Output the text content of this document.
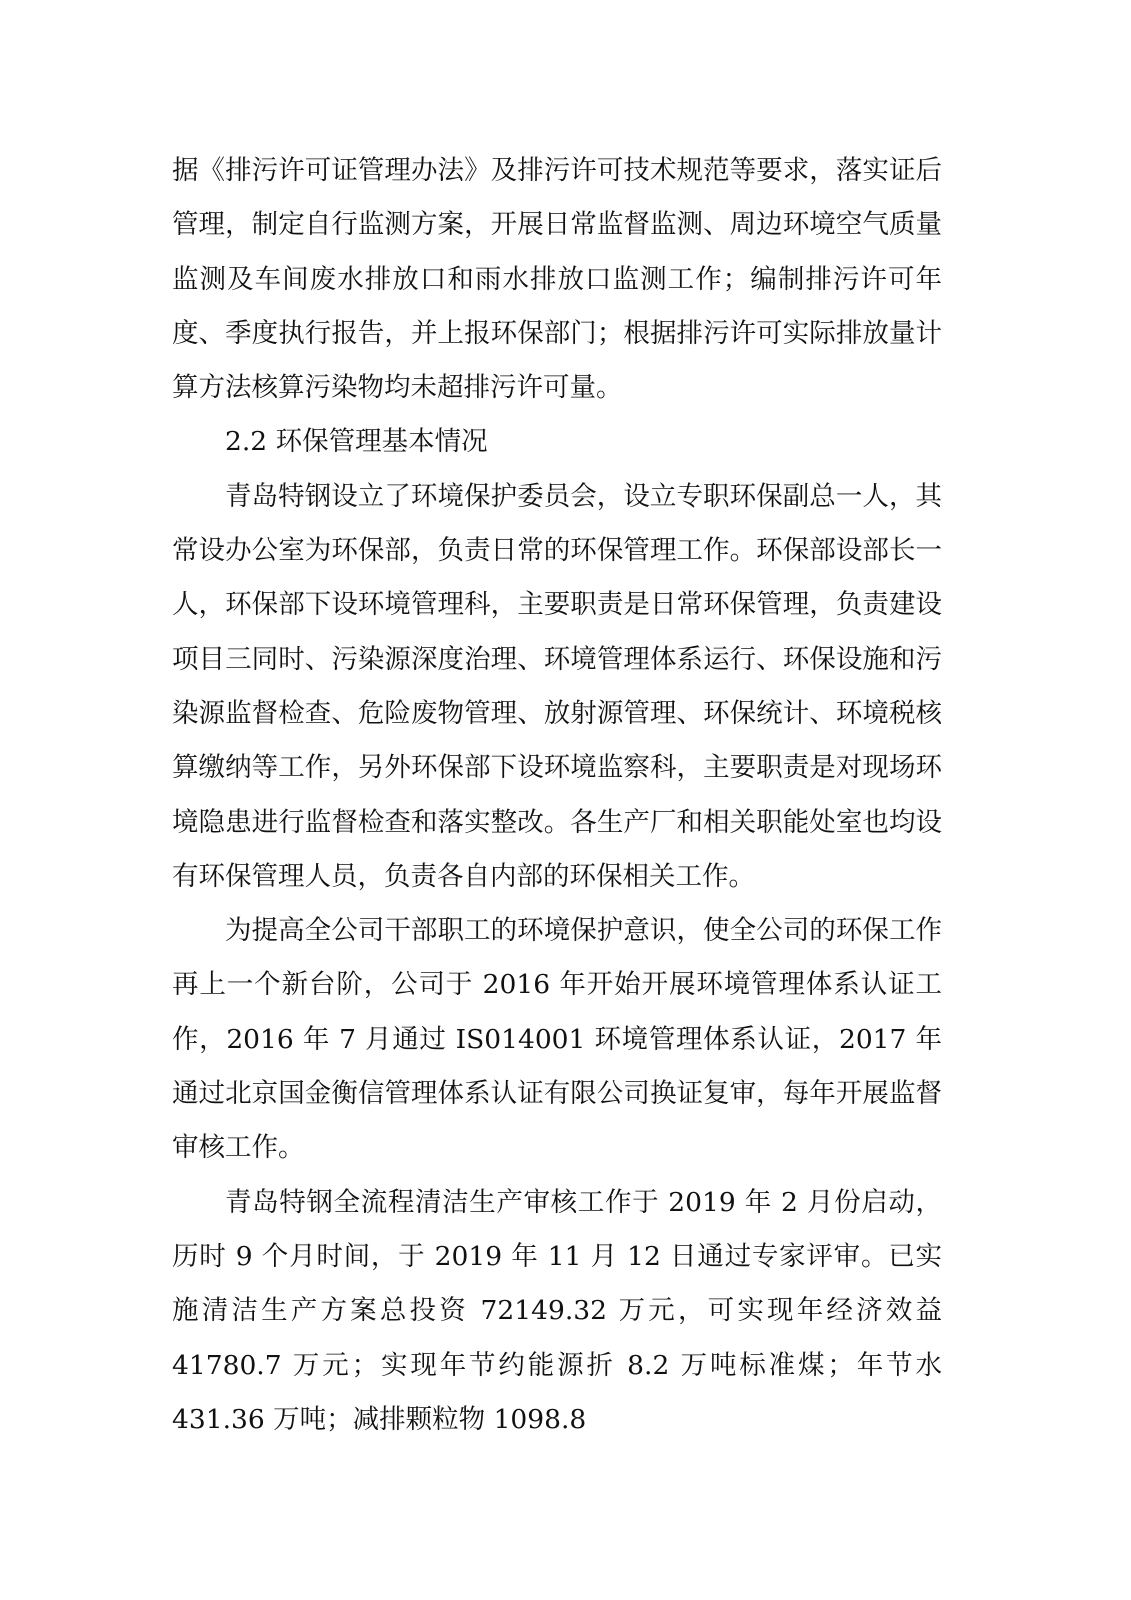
据《排污许可证管理办法》及排污许可技术规范等要求，落实证后管理，制定自行监测方案，开展日常监督监测、周边环境空气质量监测及车间废水排放口和雨水排放口监测工作；编制排污许可年度、季度执行报告，并上报环保部门；根据排污许可实际排放量计算方法核算污染物均未超排污许可量。

2.2 环保管理基本情况

青岛特钢设立了环境保护委员会，设立专职环保副总一人，其常设办公室为环保部，负责日常的环保管理工作。环保部设部长一人，环保部下设环境管理科，主要职责是日常环保管理，负责建设项目三同时、污染源深度治理、环境管理体系运行、环保设施和污染源监督检查、危险废物管理、放射源管理、环保统计、环境税核算缴纳等工作，另外环保部下设环境监察科，主要职责是对现场环境隐患进行监督检查和落实整改。各生产厂和相关职能处室也均设有环保管理人员，负责各自内部的环保相关工作。

为提高全公司干部职工的环境保护意识，使全公司的环保工作再上一个新台阶，公司于 2016 年开始开展环境管理体系认证工作，2016 年 7 月通过 IS014001 环境管理体系认证，2017 年通过北京国金衡信管理体系认证有限公司换证复审，每年开展监督审核工作。

青岛特钢全流程清洁生产审核工作于 2019 年 2 月份启动，历时 9 个月时间，于 2019 年 11 月 12 日通过专家评审。已实施清洁生产方案总投资 72149.32 万元，可实现年经济效益 41780.7 万元；实现年节约能源折 8.2 万吨标准煤；年节水 431.36 万吨；减排颗粒物 1098.8
